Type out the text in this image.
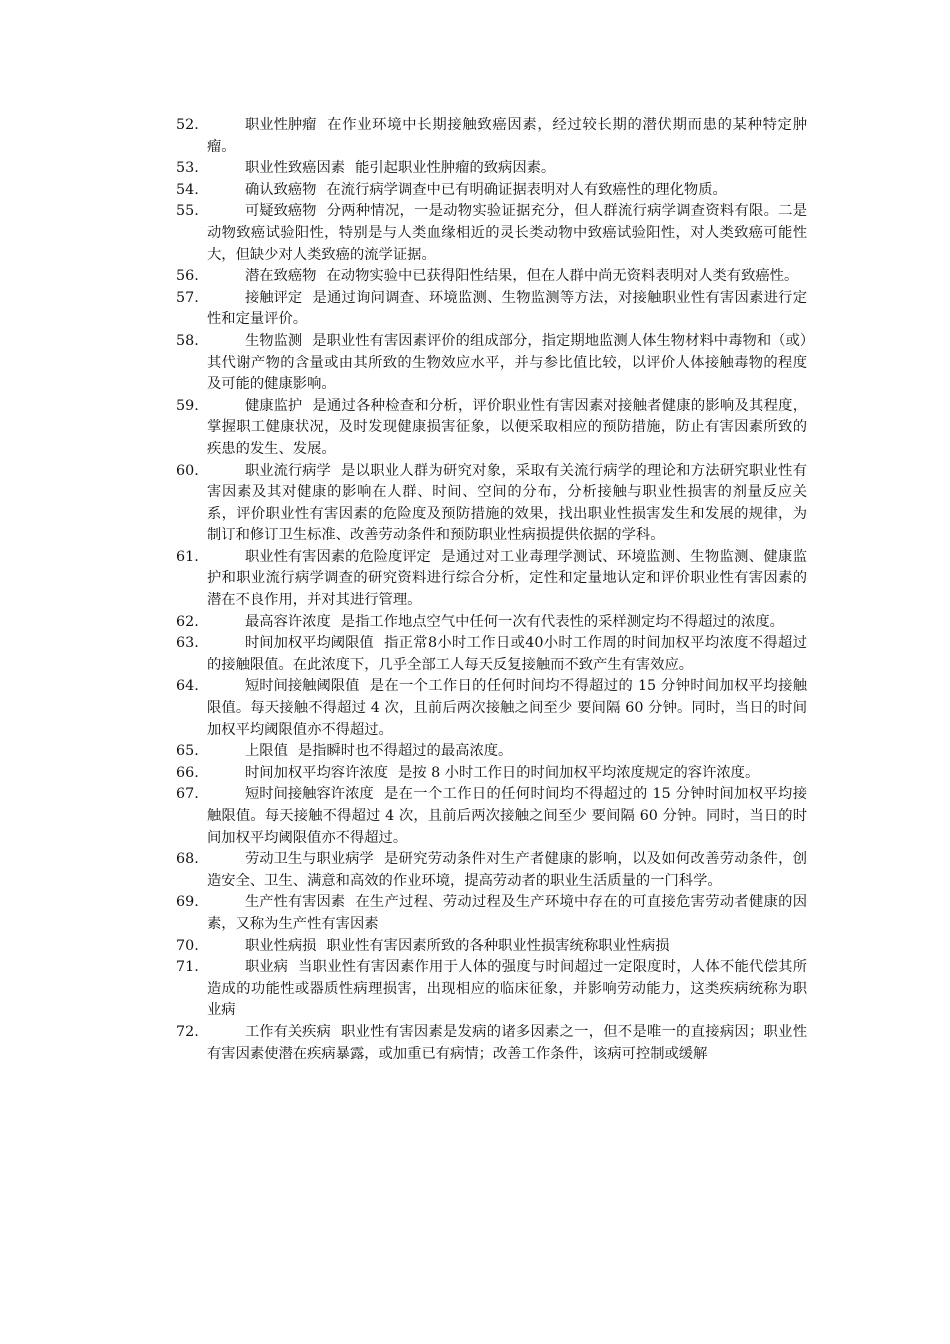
52.	职业性肿瘤 在作业环境中长期接触致癌因素，经过较长期的潜伏期而患的某种特定肿瘤。

53.	职业性致癌因素 能引起职业性肿瘤的致病因素。

54.	确认致癌物 在流行病学调查中已有明确证据表明对人有致癌性的理化物质。

55.	可疑致癌物 分两种情况，一是动物实验证据充分，但人群流行病学调查资料有限。二是动物致癌试验阳性，特别是与人类血缘相近的灵长类动物中致癌试验阳性，对人类致癌可能性大，但缺少对人类致癌的流学证据。

56.	潜在致癌物 在动物实验中已获得阳性结果，但在人群中尚无资料表明对人类有致癌性。

57.	接触评定 是通过询问调查、环境监测、生物监测等方法，对接触职业性有害因素进行定性和定量评价。

58.	生物监测 是职业性有害因素评价的组成部分，指定期地监测人体生物材料中毒物和（或）其代谢产物的含量或由其所致的生物效应水平，并与参比值比较，以评价人体接触毒物的程度及可能的健康影响。

59.	健康监护 是通过各种检查和分析，评价职业性有害因素对接触者健康的影响及其程度，掌握职工健康状况，及时发现健康损害征象，以便采取相应的预防措施，防止有害因素所致的疾患的发生、发展。

60.	职业流行病学 是以职业人群为研究对象，采取有关流行病学的理论和方法研究职业性有害因素及其对健康的影响在人群、时间、空间的分布，分析接触与职业性损害的剂量反应关系，评价职业性有害因素的危险度及预防措施的效果，找出职业性损害发生和发展的规律，为制订和修订卫生标准、改善劳动条件和预防职业性病损提供依据的学科。

61.	职业性有害因素的危险度评定 是通过对工业毒理学测试、环境监测、生物监测、健康监护和职业流行病学调查的研究资料进行综合分析，定性和定量地认定和评价职业性有害因素的潜在不良作用，并对其进行管理。

62.	最高容许浓度 是指工作地点空气中任何一次有代表性的采样测定均不得超过的浓度。

63.	时间加权平均阈限值 指正常8小时工作日或40小时工作周的时间加权平均浓度不得超过的接触限值。在此浓度下，几乎全部工人每天反复接触而不致产生有害效应。

64.	短时间接触阈限值 是在一个工作日的任何时间均不得超过的 15 分钟时间加权平均接触限值。每天接触不得超过 4 次，且前后两次接触之间至少 要间隔 60 分钟。同时，当日的时间加权平均阈限值亦不得超过。

65.	上限值 是指瞬时也不得超过的最高浓度。

66.	时间加权平均容许浓度 是按 8 小时工作日的时间加权平均浓度规定的容许浓度。

67.	短时间接触容许浓度 是在一个工作日的任何时间均不得超过的 15 分钟时间加权平均接触限值。每天接触不得超过 4 次，且前后两次接触之间至少 要间隔 60 分钟。同时，当日的时间加权平均阈限值亦不得超过。

68.	劳动卫生与职业病学 是研究劳动条件对生产者健康的影响，以及如何改善劳动条件，创造安全、卫生、满意和高效的作业环境，提高劳动者的职业生活质量的一门科学。

69.	生产性有害因素 在生产过程、劳动过程及生产环境中存在的可直接危害劳动者健康的因素，又称为生产性有害因素

70.	职业性病损 职业性有害因素所致的各种职业性损害统称职业性病损

71.	职业病 当职业性有害因素作用于人体的强度与时间超过一定限度时，人体不能代偿其所造成的功能性或器质性病理损害，出现相应的临床征象，并影响劳动能力，这类疾病统称为职业病

72.	工作有关疾病 职业性有害因素是发病的诸多因素之一，但不是唯一的直接病因；职业性有害因素使潜在疾病暴露，或加重已有病情；改善工作条件，该病可控制或缓解
